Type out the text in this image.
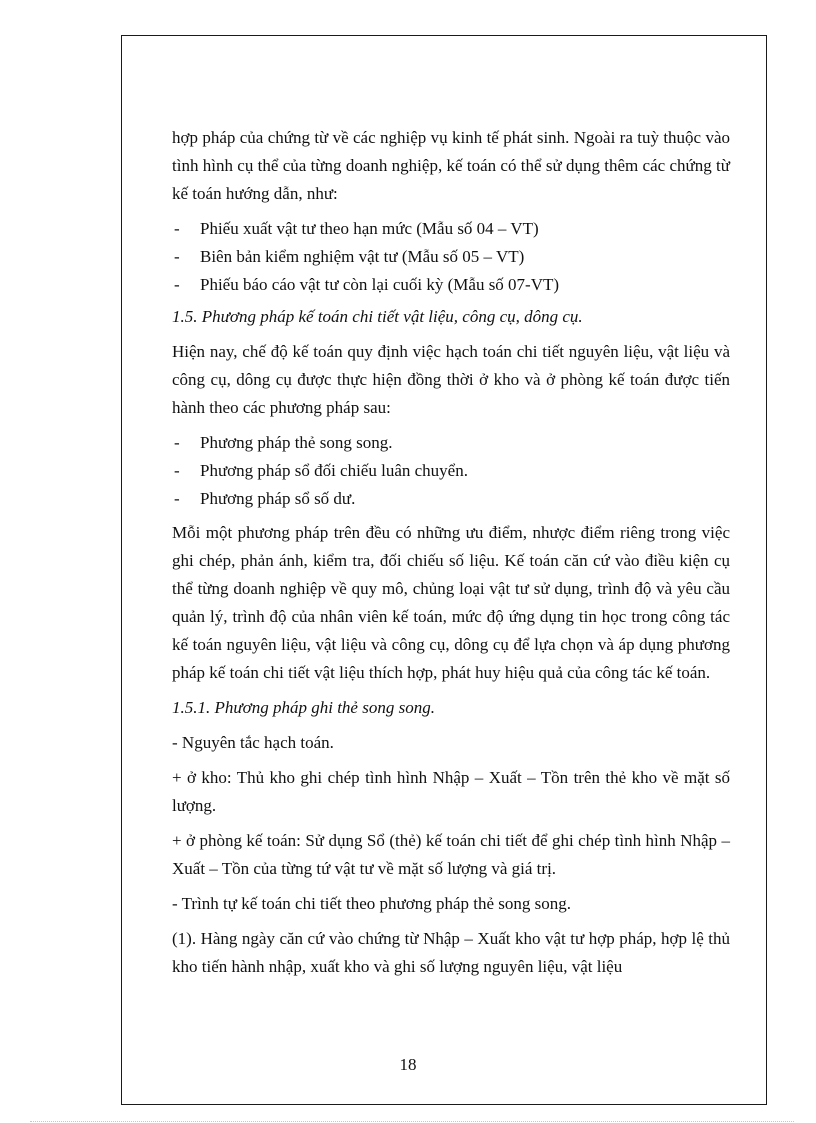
hợp pháp của chứng từ về các nghiệp vụ kinh tế phát sinh. Ngoài ra tuỳ thuộc vào tình hình cụ thể của từng doanh nghiệp, kế toán có thể sử dụng thêm các chứng từ kế toán hướng dẫn, như:

- Phiếu xuất vật tư theo hạn mức (Mẫu số 04 – VT)
- Biên bản kiểm nghiệm vật tư (Mẫu số 05 – VT)
- Phiếu báo cáo vật tư còn lại cuối kỳ (Mẫu số 07-VT)
1.5. Phương pháp kế toán chi tiết vật liệu, công cụ, dông cụ.

Hiện nay, chế độ kế toán quy định việc hạch toán chi tiết nguyên liệu, vật liệu và công cụ, dông cụ được thực hiện đồng thời ở kho và ở phòng kế toán được tiến hành theo các phương pháp sau:

- Phương pháp thẻ song song.
- Phương pháp sổ đối chiếu luân chuyển.
- Phương pháp sổ số dư.

Mỗi một phương pháp trên đều có những ưu điểm, nhược điểm riêng trong việc ghi chép, phản ánh, kiểm tra, đối chiếu số liệu. Kế toán căn cứ vào điều kiện cụ thể từng doanh nghiệp về quy mô, chủng loại vật tư sử dụng, trình độ và yêu cầu quản lý, trình độ của nhân viên kế toán, mức độ ứng dụng tin học trong công tác kế toán nguyên liệu, vật liệu và công cụ, dông cụ để lựa chọn và áp dụng phương pháp kế toán chi tiết vật liệu thích hợp, phát huy hiệu quả của công tác kế toán.

1.5.1. Phương pháp ghi thẻ song song.

- Nguyên tắc hạch toán.

+ ở kho: Thủ kho ghi chép tình hình Nhập – Xuất – Tồn trên thẻ kho về mặt số lượng.

+ ở phòng kế toán: Sử dụng Sổ (thẻ) kế toán chi tiết để ghi chép tình hình Nhập – Xuất – Tồn của từng tứ vật tư về mặt số lượng và giá trị.

- Trình tự kế toán chi tiết theo phương pháp thẻ song song.

(1). Hàng ngày căn cứ vào chứng từ Nhập – Xuất kho vật tư hợp pháp, hợp lệ thủ kho tiến hành nhập, xuất kho và ghi số lượng nguyên liệu, vật liệu

18
